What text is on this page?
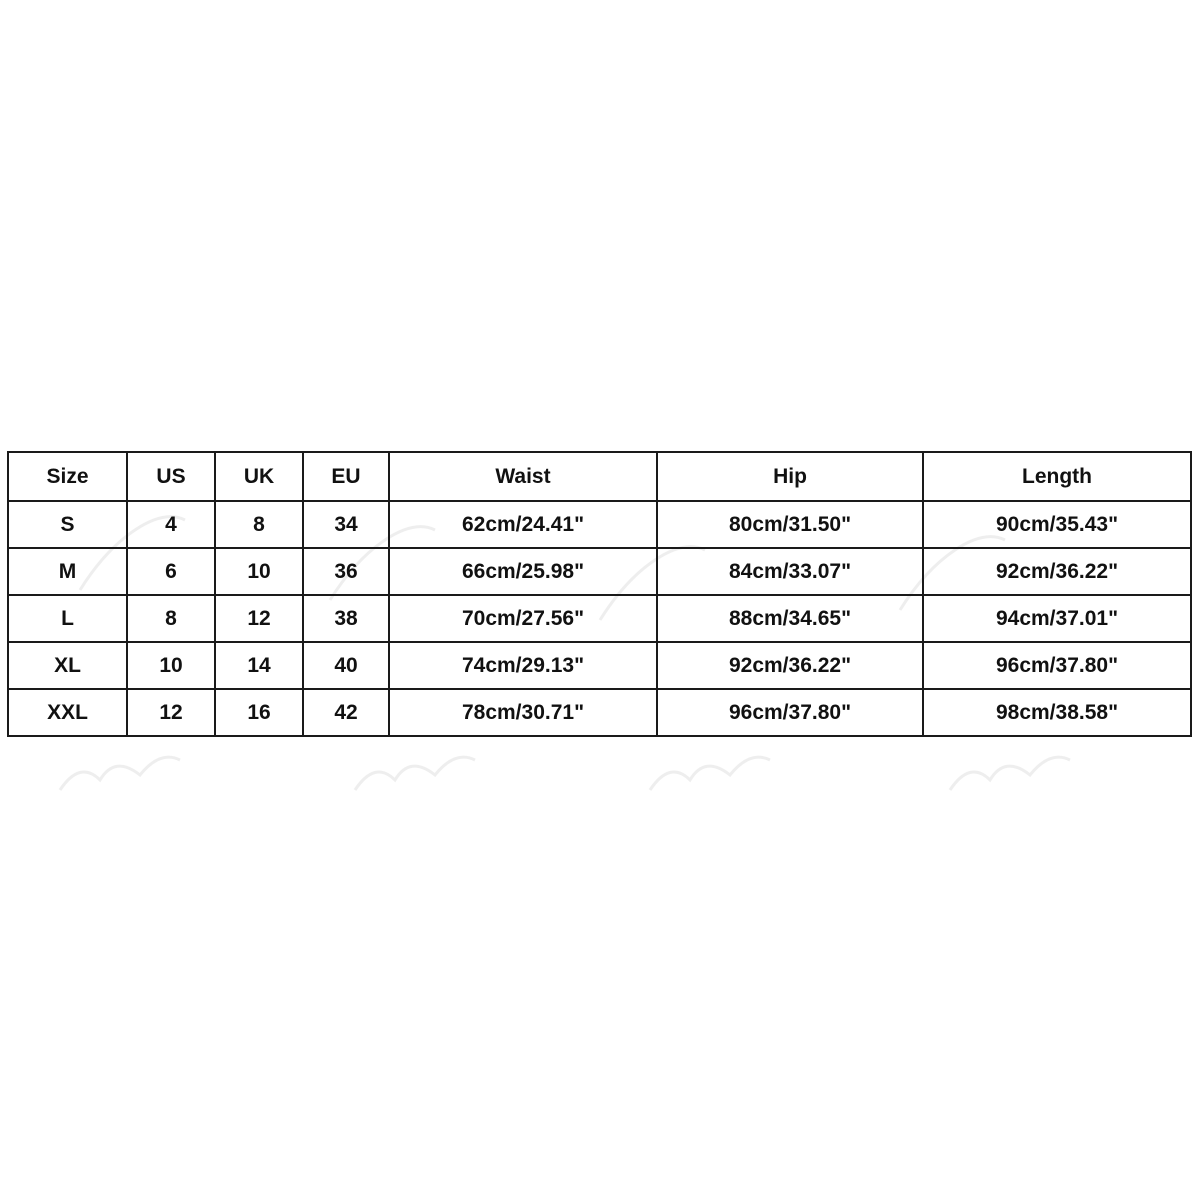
Size	US	UK	EU	Waist	Hip	Length
S	4	8	34	62cm/24.41"	80cm/31.50"	90cm/35.43"
M	6	10	36	66cm/25.98"	84cm/33.07"	92cm/36.22"
L	8	12	38	70cm/27.56"	88cm/34.65"	94cm/37.01"
XL	10	14	40	74cm/29.13"	92cm/36.22"	96cm/37.80"
XXL	12	16	42	78cm/30.71"	96cm/37.80"	98cm/38.58"
